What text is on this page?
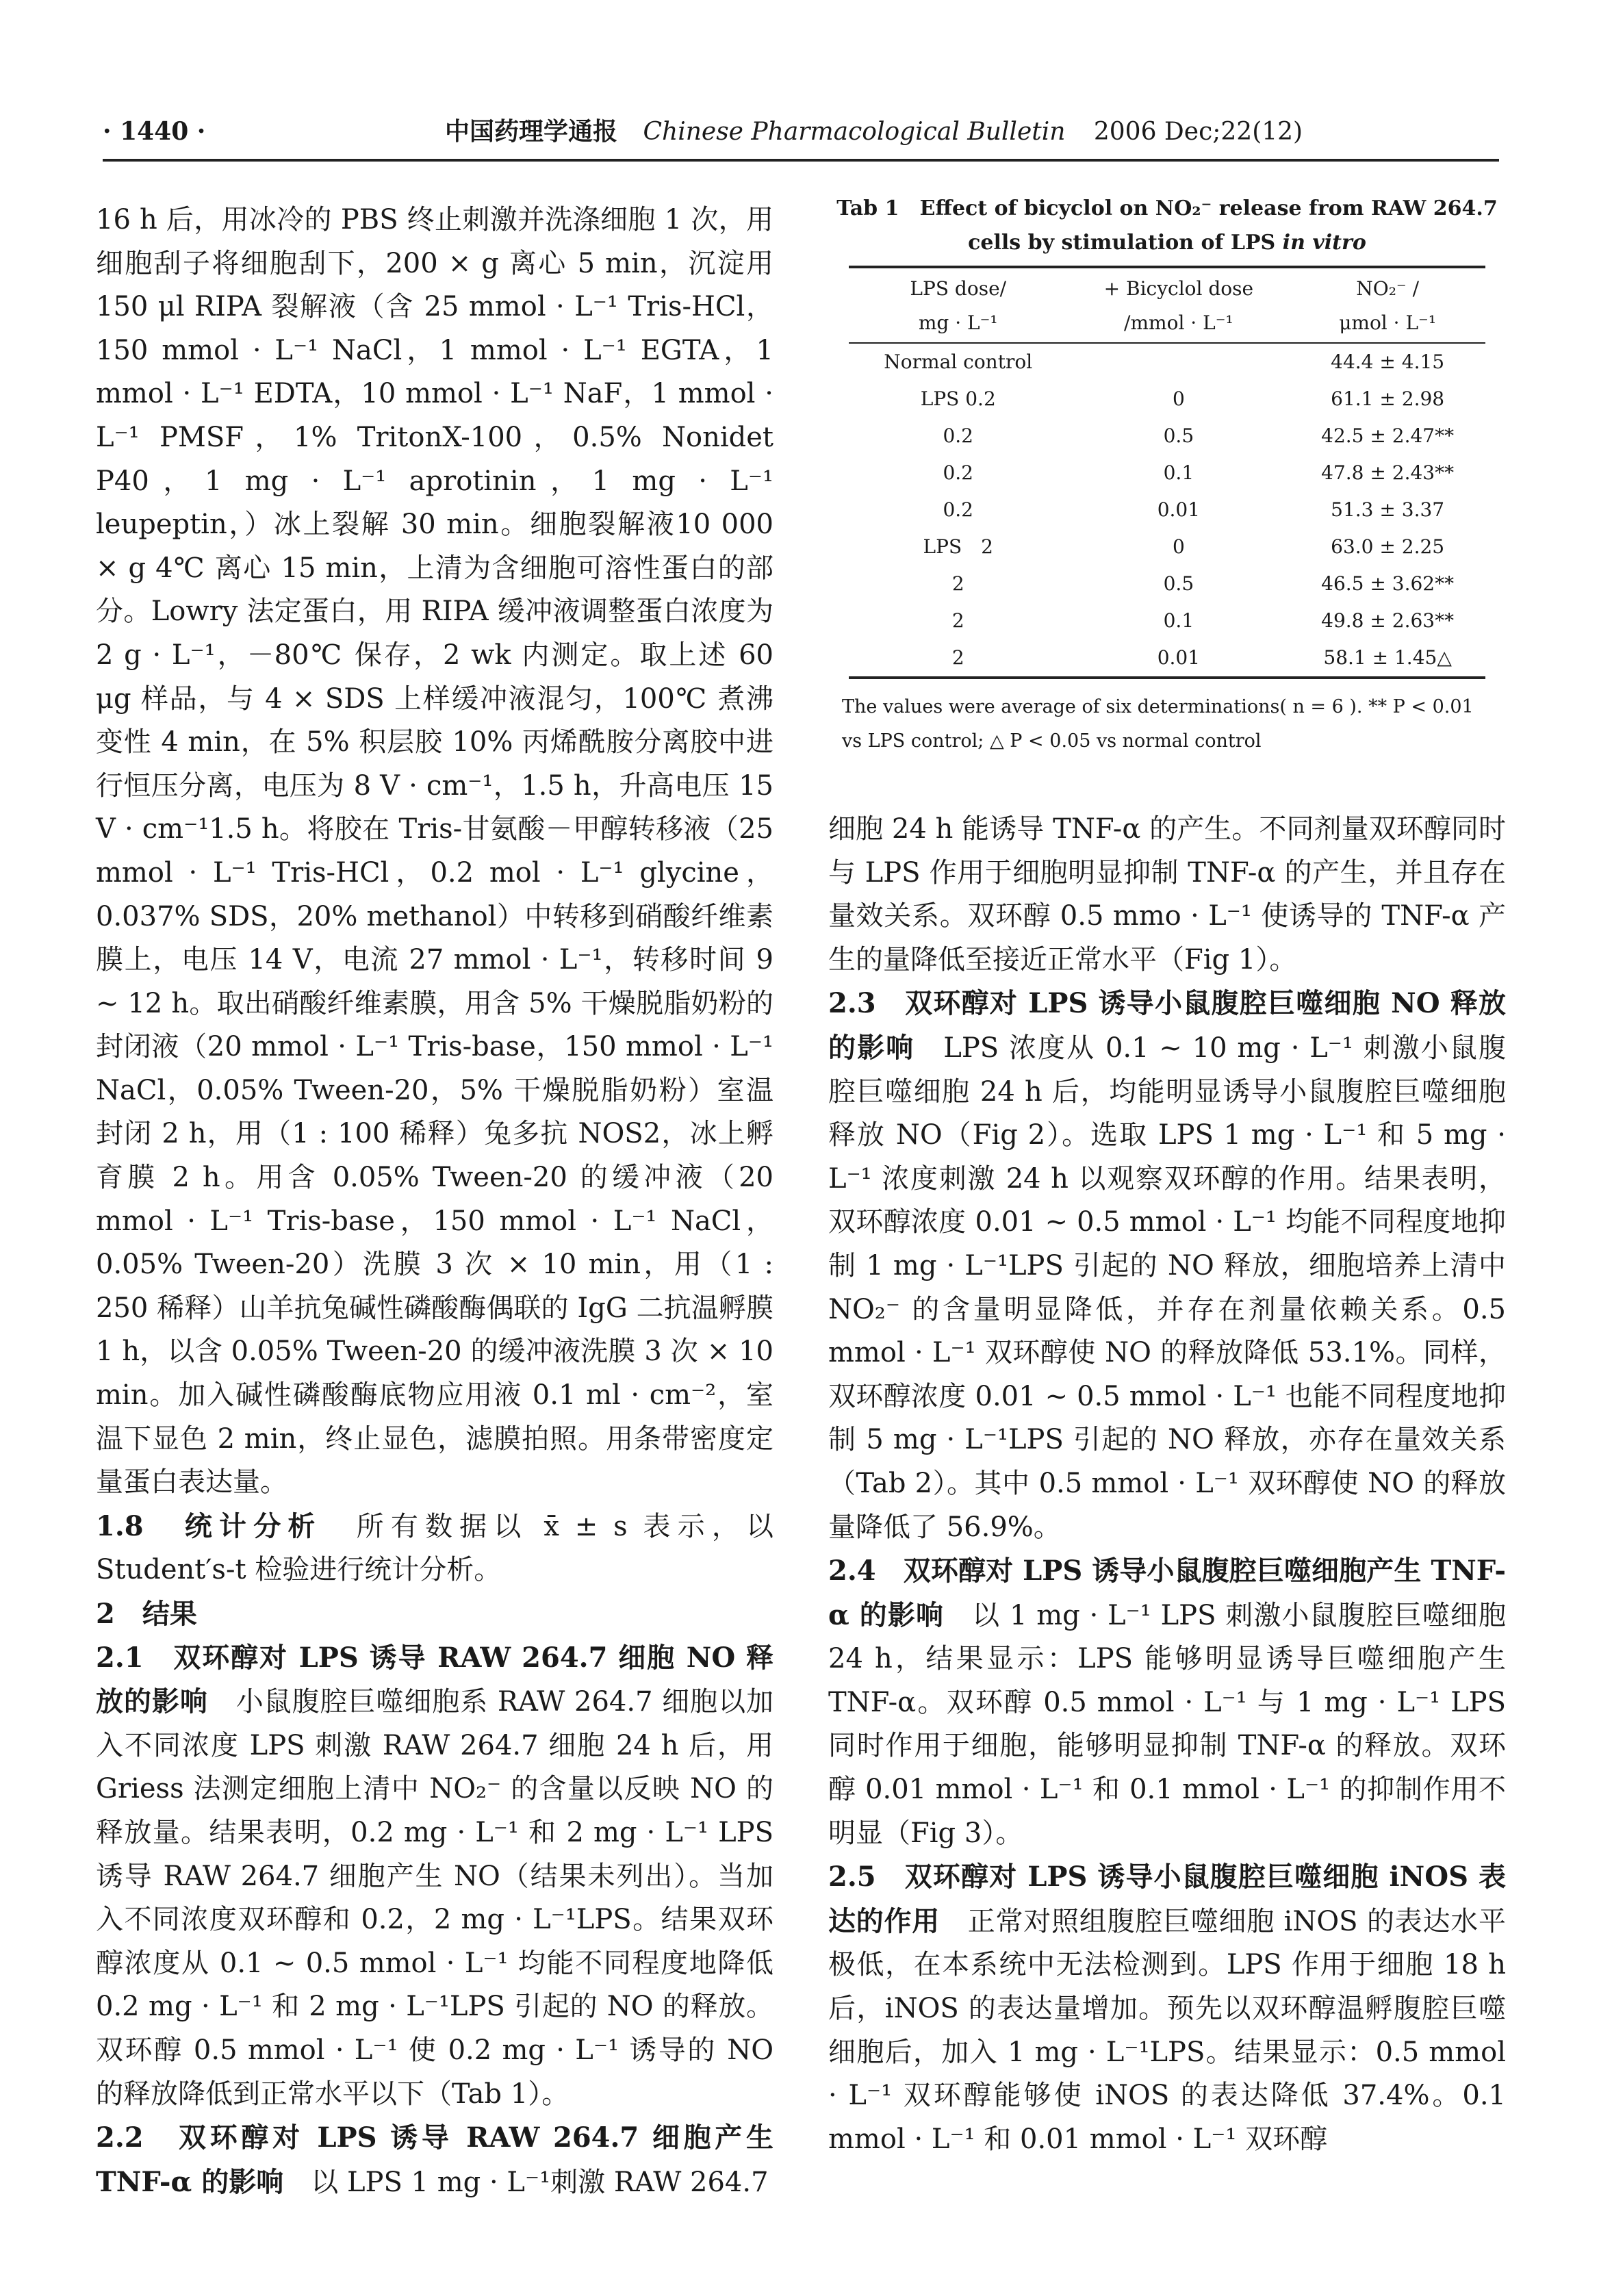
· 1440 ·	中国药理学通报 Chinese Pharmacological Bulletin 2006 Dec;22(12)

16 h 后，用冰冷的 PBS 终止刺激并洗涤细胞 1 次，用细胞刮子将细胞刮下，200 × g 离心 5 min，沉淀用 150 μl RIPA 裂解液（含 25 mmol · L⁻¹ Tris-HCl，150 mmol · L⁻¹ NaCl，1 mmol · L⁻¹ EGTA，1 mmol · L⁻¹ EDTA，10 mmol · L⁻¹ NaF，1 mmol · L⁻¹ PMSF，1% TritonX-100，0.5% Nonidet P40，1 mg · L⁻¹ aprotinin，1 mg · L⁻¹ leupeptin，）冰上裂解 30 min。细胞裂解液10 000 × g 4℃ 离心 15 min，上清为含细胞可溶性蛋白的部分。Lowry 法定蛋白，用 RIPA 缓冲液调整蛋白浓度为 2 g · L⁻¹，－80℃ 保存，2 wk 内测定。取上述 60 μg 样品，与 4 × SDS 上样缓冲液混匀，100℃ 煮沸变性 4 min，在 5% 积层胶 10% 丙烯酰胺分离胶中进行恒压分离，电压为 8 V · cm⁻¹，1.5 h，升高电压 15 V · cm⁻¹1.5 h。将胶在 Tris-甘氨酸－甲醇转移液（25 mmol · L⁻¹ Tris-HCl，0.2 mol · L⁻¹ glycine，0.037% SDS，20% methanol）中转移到硝酸纤维素膜上，电压 14 V，电流 27 mmol · L⁻¹，转移时间 9 ~ 12 h。取出硝酸纤维素膜，用含 5% 干燥脱脂奶粉的封闭液（20 mmol · L⁻¹ Tris-base，150 mmol · L⁻¹ NaCl，0.05% Tween-20，5% 干燥脱脂奶粉）室温封闭 2 h，用（1 : 100 稀释）兔多抗 NOS2，冰上孵育膜 2 h。用含 0.05% Tween-20 的缓冲液（20 mmol · L⁻¹ Tris-base，150 mmol · L⁻¹ NaCl，0.05% Tween-20）洗膜 3 次 × 10 min，用（1 : 250 稀释）山羊抗兔碱性磷酸酶偶联的 IgG 二抗温孵膜 1 h，以含 0.05% Tween-20 的缓冲液洗膜 3 次 × 10 min。加入碱性磷酸酶底物应用液 0.1 ml · cm⁻²，室温下显色 2 min，终止显色，滤膜拍照。用条带密度定量蛋白表达量。

1.8　统计分析　所有数据以 x̄ ± s 表示，以 Student′s-t 检验进行统计分析。

2　结果

2.1　双环醇对 LPS 诱导 RAW 264.7 细胞 NO 释放的影响　小鼠腹腔巨噬细胞系 RAW 264.7 细胞以加入不同浓度 LPS 刺激 RAW 264.7 细胞 24 h 后，用 Griess 法测定细胞上清中 NO₂⁻ 的含量以反映 NO 的释放量。结果表明，0.2 mg · L⁻¹ 和 2 mg · L⁻¹ LPS 诱导 RAW 264.7 细胞产生 NO（结果未列出）。当加入不同浓度双环醇和 0.2，2 mg · L⁻¹LPS。结果双环醇浓度从 0.1 ~ 0.5 mmol · L⁻¹ 均能不同程度地降低 0.2 mg · L⁻¹ 和 2 mg · L⁻¹LPS 引起的 NO 的释放。双环醇 0.5 mmol · L⁻¹ 使 0.2 mg · L⁻¹ 诱导的 NO 的释放降低到正常水平以下（Tab 1）。

2.2　双环醇对 LPS 诱导 RAW 264.7 细胞产生 TNF-α 的影响　以 LPS 1 mg · L⁻¹刺激 RAW 264.7

Tab 1　Effect of bicyclol on NO₂⁻ release from RAW 264.7
cells by stimulation of LPS in vitro
LPS dose/	+ Bicyclol dose	NO₂⁻ /
mg · L⁻¹	/mmol · L⁻¹	μmol · L⁻¹
Normal control		44.4 ± 4.15
LPS 0.2	0	61.1 ± 2.98
0.2	0.5	42.5 ± 2.47**
0.2	0.1	47.8 ± 2.43**
0.2	0.01	51.3 ± 3.37
LPS　2	0	63.0 ± 2.25
2	0.5	46.5 ± 3.62**
2	0.1	49.8 ± 2.63**
2	0.01	58.1 ± 1.45△
The values were average of six determinations( n = 6 ). ** P < 0.01
vs LPS control; △ P < 0.05 vs normal control

细胞 24 h 能诱导 TNF-α 的产生。不同剂量双环醇同时与 LPS 作用于细胞明显抑制 TNF-α 的产生，并且存在量效关系。双环醇 0.5 mmo · L⁻¹ 使诱导的 TNF-α 产生的量降低至接近正常水平（Fig 1）。

2.3　双环醇对 LPS 诱导小鼠腹腔巨噬细胞 NO 释放的影响　LPS 浓度从 0.1 ~ 10 mg · L⁻¹ 刺激小鼠腹腔巨噬细胞 24 h 后，均能明显诱导小鼠腹腔巨噬细胞释放 NO（Fig 2）。选取 LPS 1 mg · L⁻¹ 和 5 mg · L⁻¹ 浓度刺激 24 h 以观察双环醇的作用。结果表明，双环醇浓度 0.01 ~ 0.5 mmol · L⁻¹ 均能不同程度地抑制 1 mg · L⁻¹LPS 引起的 NO 释放，细胞培养上清中 NO₂⁻ 的含量明显降低，并存在剂量依赖关系。0.5 mmol · L⁻¹ 双环醇使 NO 的释放降低 53.1%。同样，双环醇浓度 0.01 ~ 0.5 mmol · L⁻¹ 也能不同程度地抑制 5 mg · L⁻¹LPS 引起的 NO 释放，亦存在量效关系（Tab 2）。其中 0.5 mmol · L⁻¹ 双环醇使 NO 的释放量降低了 56.9%。

2.4　双环醇对 LPS 诱导小鼠腹腔巨噬细胞产生 TNF-α 的影响　以 1 mg · L⁻¹ LPS 刺激小鼠腹腔巨噬细胞 24 h，结果显示：LPS 能够明显诱导巨噬细胞产生 TNF-α。双环醇 0.5 mmol · L⁻¹ 与 1 mg · L⁻¹ LPS 同时作用于细胞，能够明显抑制 TNF-α 的释放。双环醇 0.01 mmol · L⁻¹ 和 0.1 mmol · L⁻¹ 的抑制作用不明显（Fig 3）。

2.5　双环醇对 LPS 诱导小鼠腹腔巨噬细胞 iNOS 表达的作用　正常对照组腹腔巨噬细胞 iNOS 的表达水平极低，在本系统中无法检测到。LPS 作用于细胞 18 h 后，iNOS 的表达量增加。预先以双环醇温孵腹腔巨噬细胞后，加入 1 mg · L⁻¹LPS。结果显示：0.5 mmol · L⁻¹ 双环醇能够使 iNOS 的表达降低 37.4%。0.1 mmol · L⁻¹ 和 0.01 mmol · L⁻¹ 双环醇
